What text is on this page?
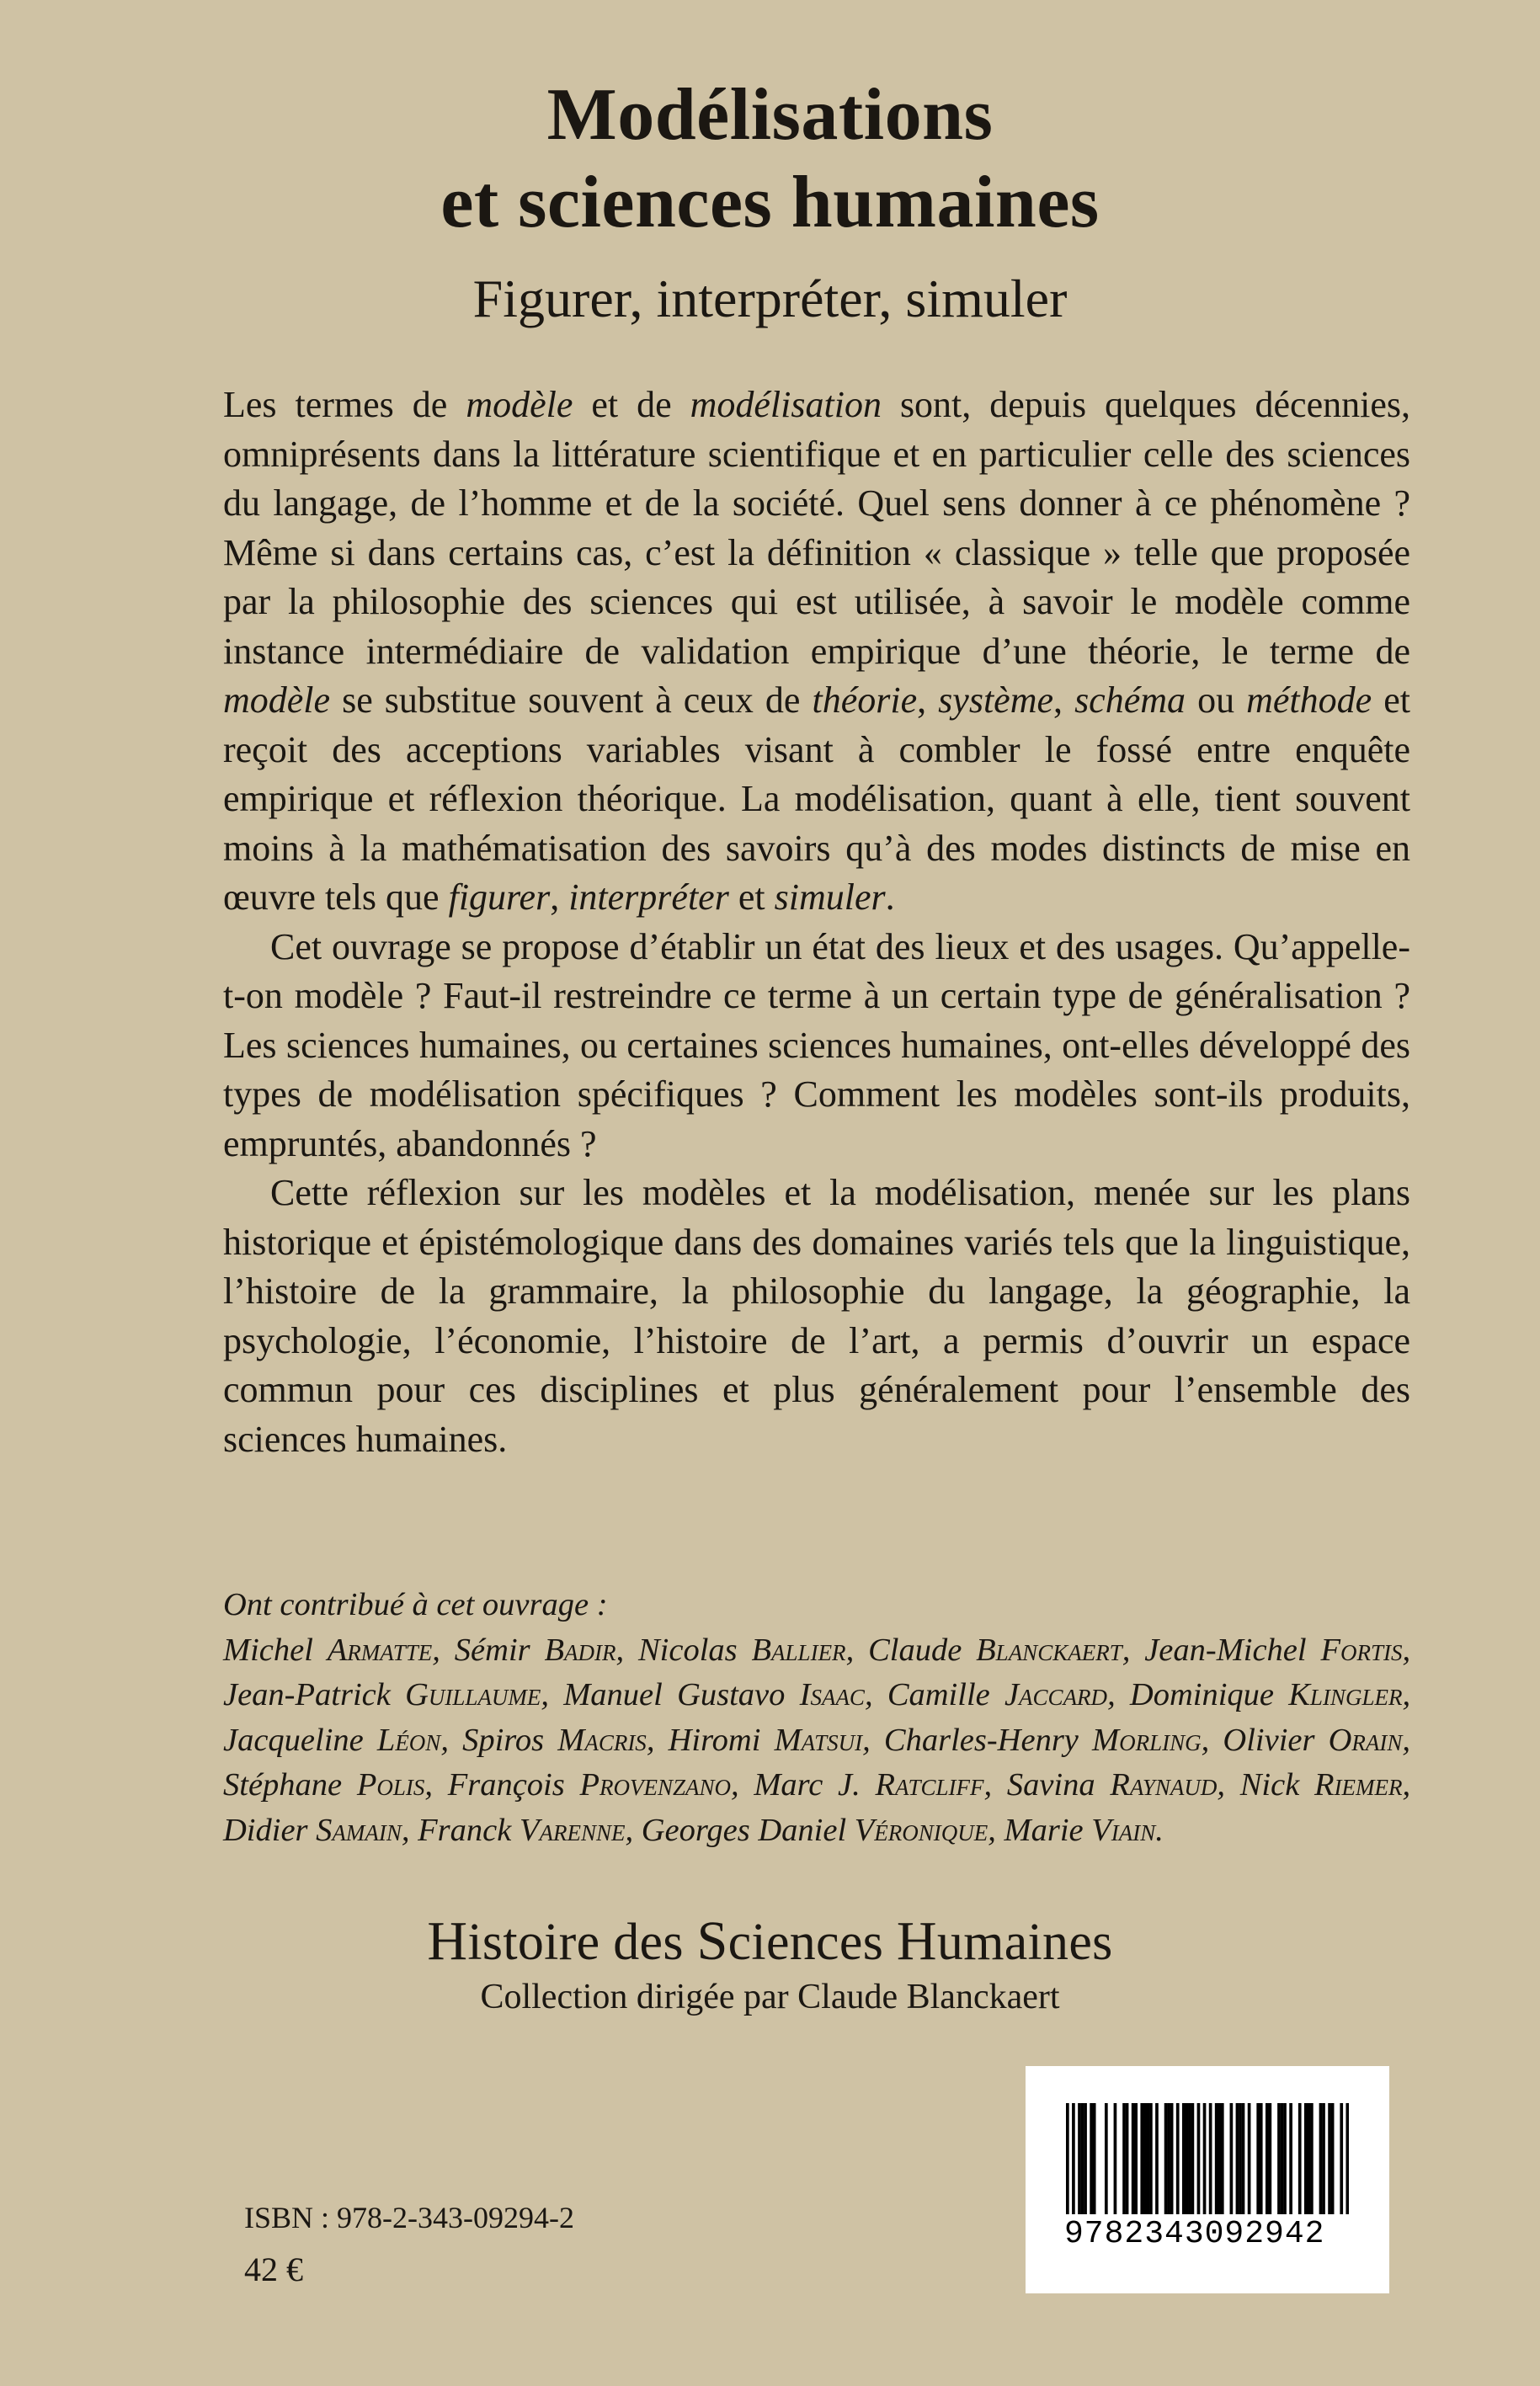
Modélisations
et sciences humaines
Figurer, interpréter, simuler

Les termes de modèle et de modélisation sont, depuis quelques décennies, omniprésents dans la littérature scientifique et en particulier celle des sciences du langage, de l’homme et de la société. Quel sens donner à ce phénomène ? Même si dans certains cas, c’est la définition « classique » telle que proposée par la philosophie des sciences qui est utilisée, à savoir le modèle comme instance intermédiaire de validation empirique d’une théorie, le terme de modèle se substitue souvent à ceux de théorie, système, schéma ou méthode et reçoit des acceptions variables visant à combler le fossé entre enquête empirique et réflexion théorique. La modélisation, quant à elle, tient souvent moins à la mathématisation des savoirs qu’à des modes distincts de mise en œuvre tels que figurer, interpréter et simuler.

Cet ouvrage se propose d’établir un état des lieux et des usages. Qu’appelle-t-on modèle ? Faut-il restreindre ce terme à un certain type de généralisation ? Les sciences humaines, ou certaines sciences humaines, ont-elles développé des types de modélisation spécifiques ? Comment les modèles sont-ils produits, empruntés, abandonnés ?

Cette réflexion sur les modèles et la modélisation, menée sur les plans historique et épistémologique dans des domaines variés tels que la linguistique, l’histoire de la grammaire, la philosophie du langage, la géographie, la psychologie, l’économie, l’histoire de l’art, a permis d’ouvrir un espace commun pour ces disciplines et plus généralement pour l’ensemble des sciences humaines.

Ont contribué à cet ouvrage :

Michel Armatte, Sémir Badir, Nicolas Ballier, Claude Blanckaert, Jean-Michel Fortis, Jean-Patrick Guillaume, Manuel Gustavo Isaac, Camille Jaccard, Dominique Klingler, Jacqueline Léon, Spiros Macris, Hiromi Matsui, Charles-Henry Morling, Olivier Orain, Stéphane Polis, François Provenzano, Marc J. Ratcliff, Savina Raynaud, Nick Riemer, Didier Samain, Franck Varenne, Georges Daniel Véronique, Marie Viain.

Histoire des Sciences Humaines
Collection dirigée par Claude Blanckaert
ISBN : 978-2-343-09294-2
42 €
9782343092942
